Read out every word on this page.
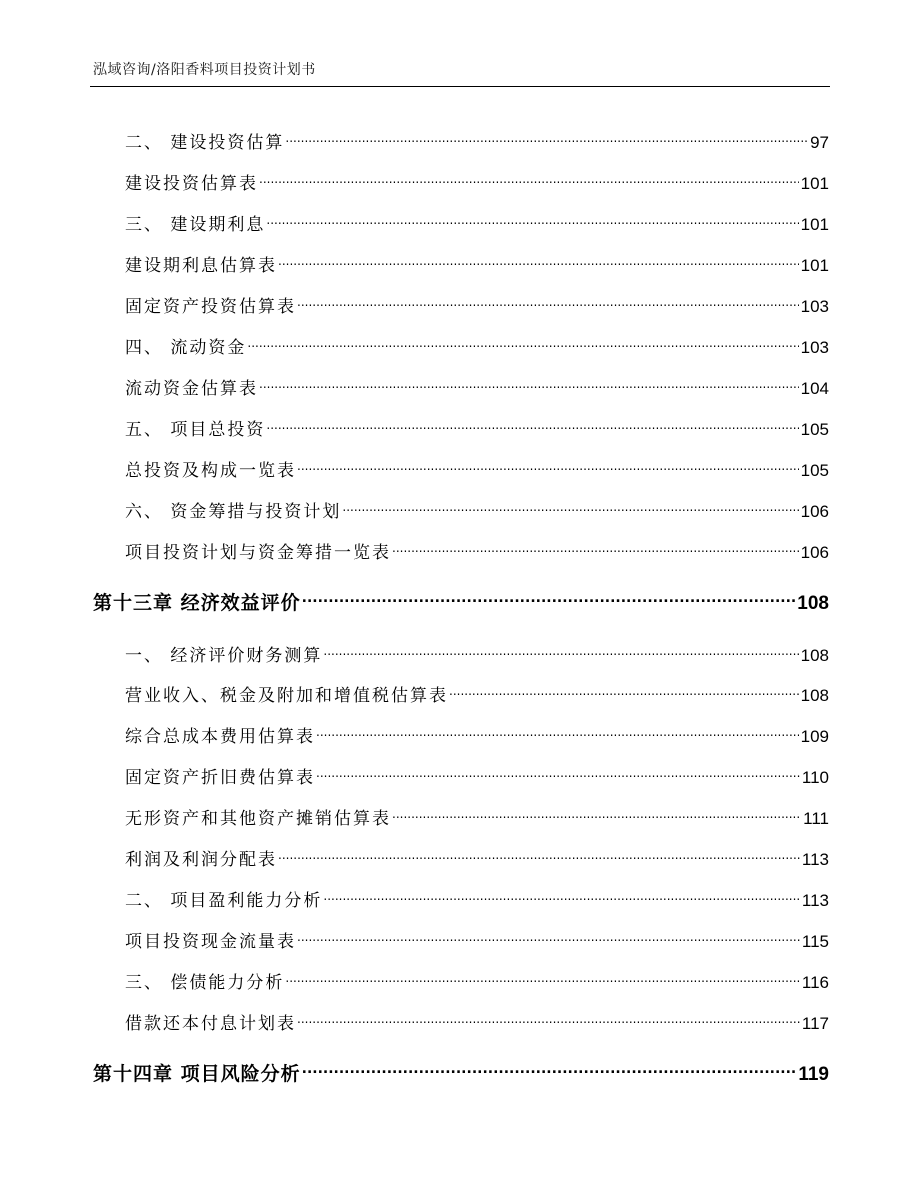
泓域咨询/洛阳香料项目投资计划书
二、 建设投资估算 .....	97
建设投资估算表 .....	101
三、 建设期利息 .....	101
建设期利息估算表 .....	101
固定资产投资估算表 .....	103
四、 流动资金 .....	103
流动资金估算表 .....	104
五、 项目总投资 .....	105
总投资及构成一览表 .....	105
六、 资金筹措与投资计划 .....	106
项目投资计划与资金筹措一览表 .....	106
第十三章 经济效益评价 .....	108
一、 经济评价财务测算 .....	108
营业收入、税金及附加和增值税估算表 .....	108
综合总成本费用估算表 .....	109
固定资产折旧费估算表 .....	110
无形资产和其他资产摊销估算表 .....	111
利润及利润分配表 .....	113
二、 项目盈利能力分析 .....	113
项目投资现金流量表 .....	115
三、 偿债能力分析 .....	116
借款还本付息计划表 .....	117
第十四章 项目风险分析 .....	119
